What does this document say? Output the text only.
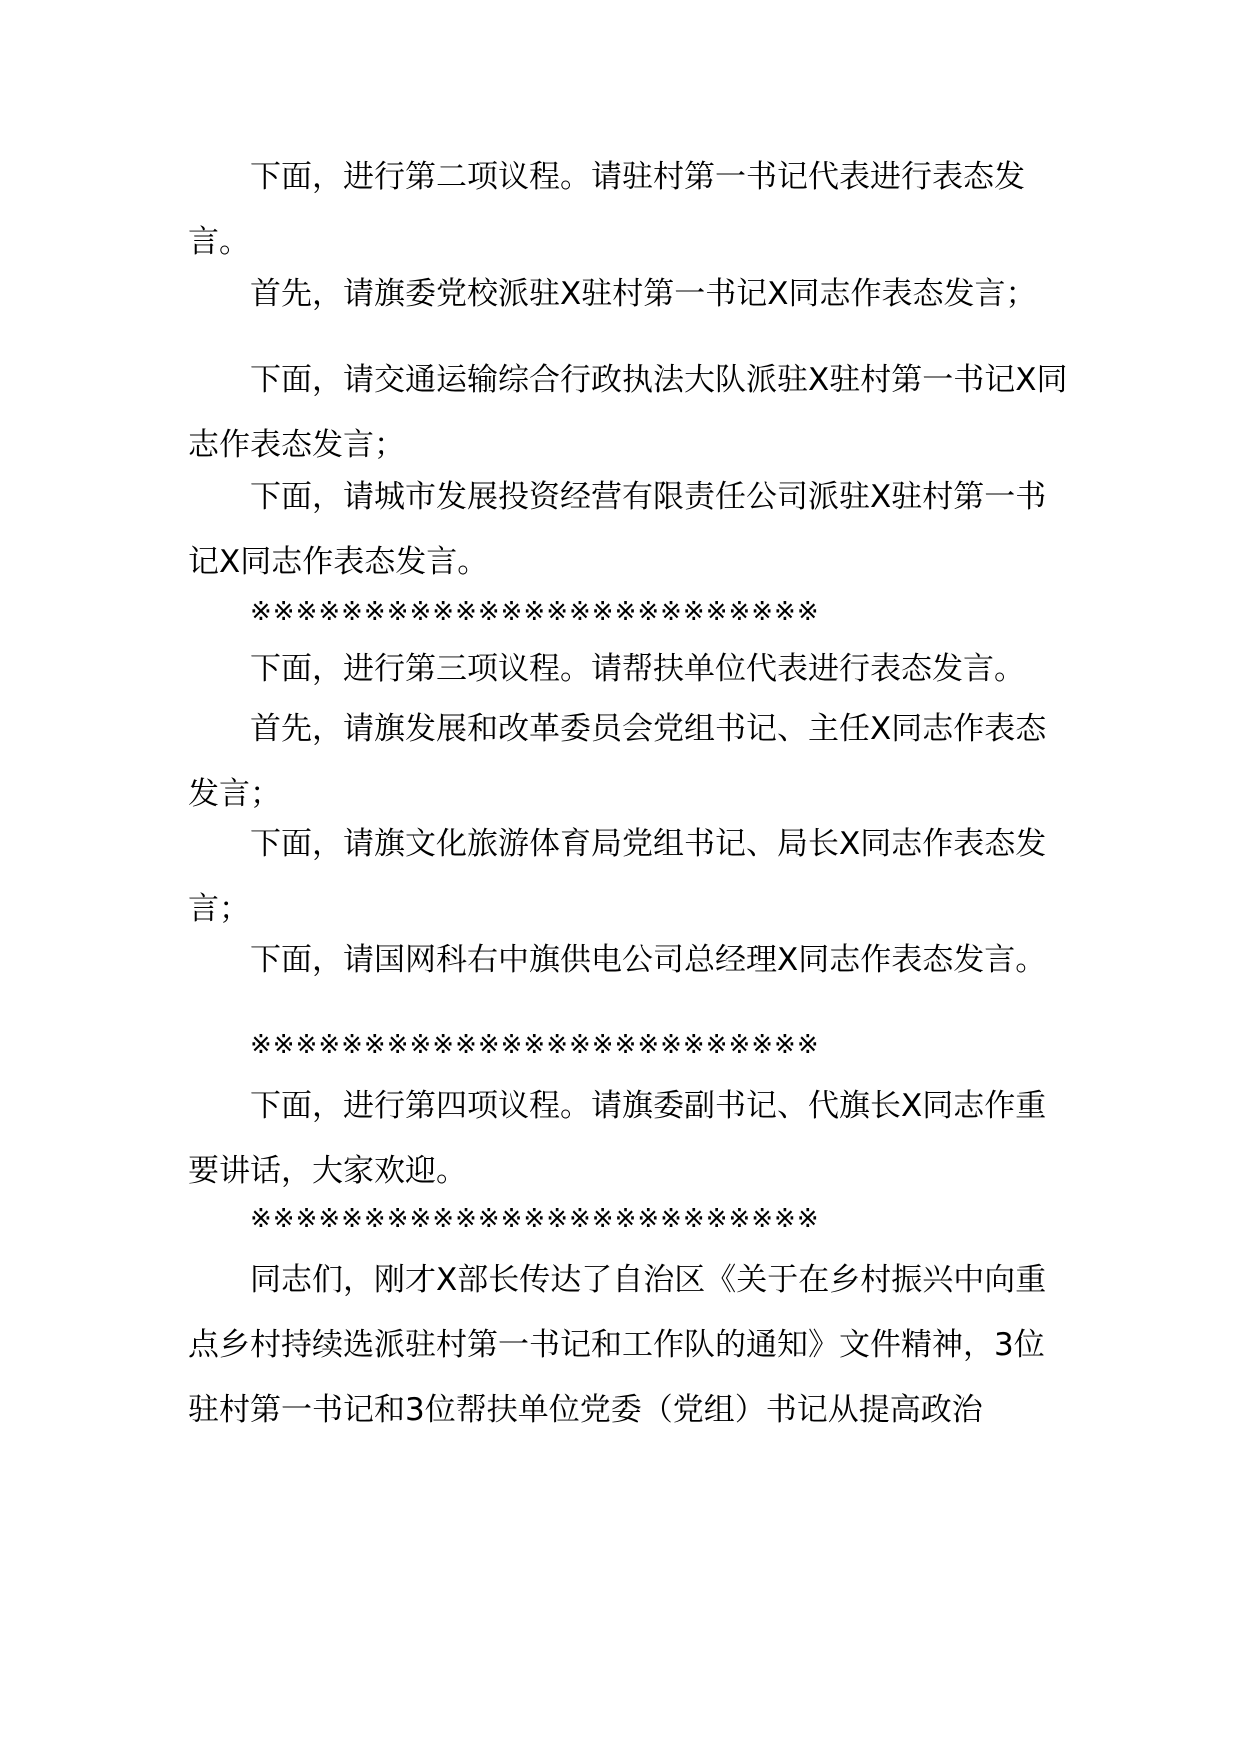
下面，进行第二项议程。请驻村第一书记代表进行表态发言。

首先，请旗委党校派驻X驻村第一书记X同志作表态发言；

下面，请交通运输综合行政执法大队派驻X驻村第一书记X同志作表态发言；

下面，请城市发展投资经营有限责任公司派驻X驻村第一书记X同志作表态发言。

※※※※※※※※※※※※※※※※※※※※※※※※※

下面，进行第三项议程。请帮扶单位代表进行表态发言。

首先，请旗发展和改革委员会党组书记、主任X同志作表态发言；

下面，请旗文化旅游体育局党组书记、局长X同志作表态发言；

下面，请国网科右中旗供电公司总经理X同志作表态发言。

※※※※※※※※※※※※※※※※※※※※※※※※※

下面，进行第四项议程。请旗委副书记、代旗长X同志作重要讲话，大家欢迎。

※※※※※※※※※※※※※※※※※※※※※※※※※

同志们，刚才X部长传达了自治区《关于在乡村振兴中向重点乡村持续选派驻村第一书记和工作队的通知》文件精神，3位驻村第一书记和3位帮扶单位党委（党组）书记从提高政治
